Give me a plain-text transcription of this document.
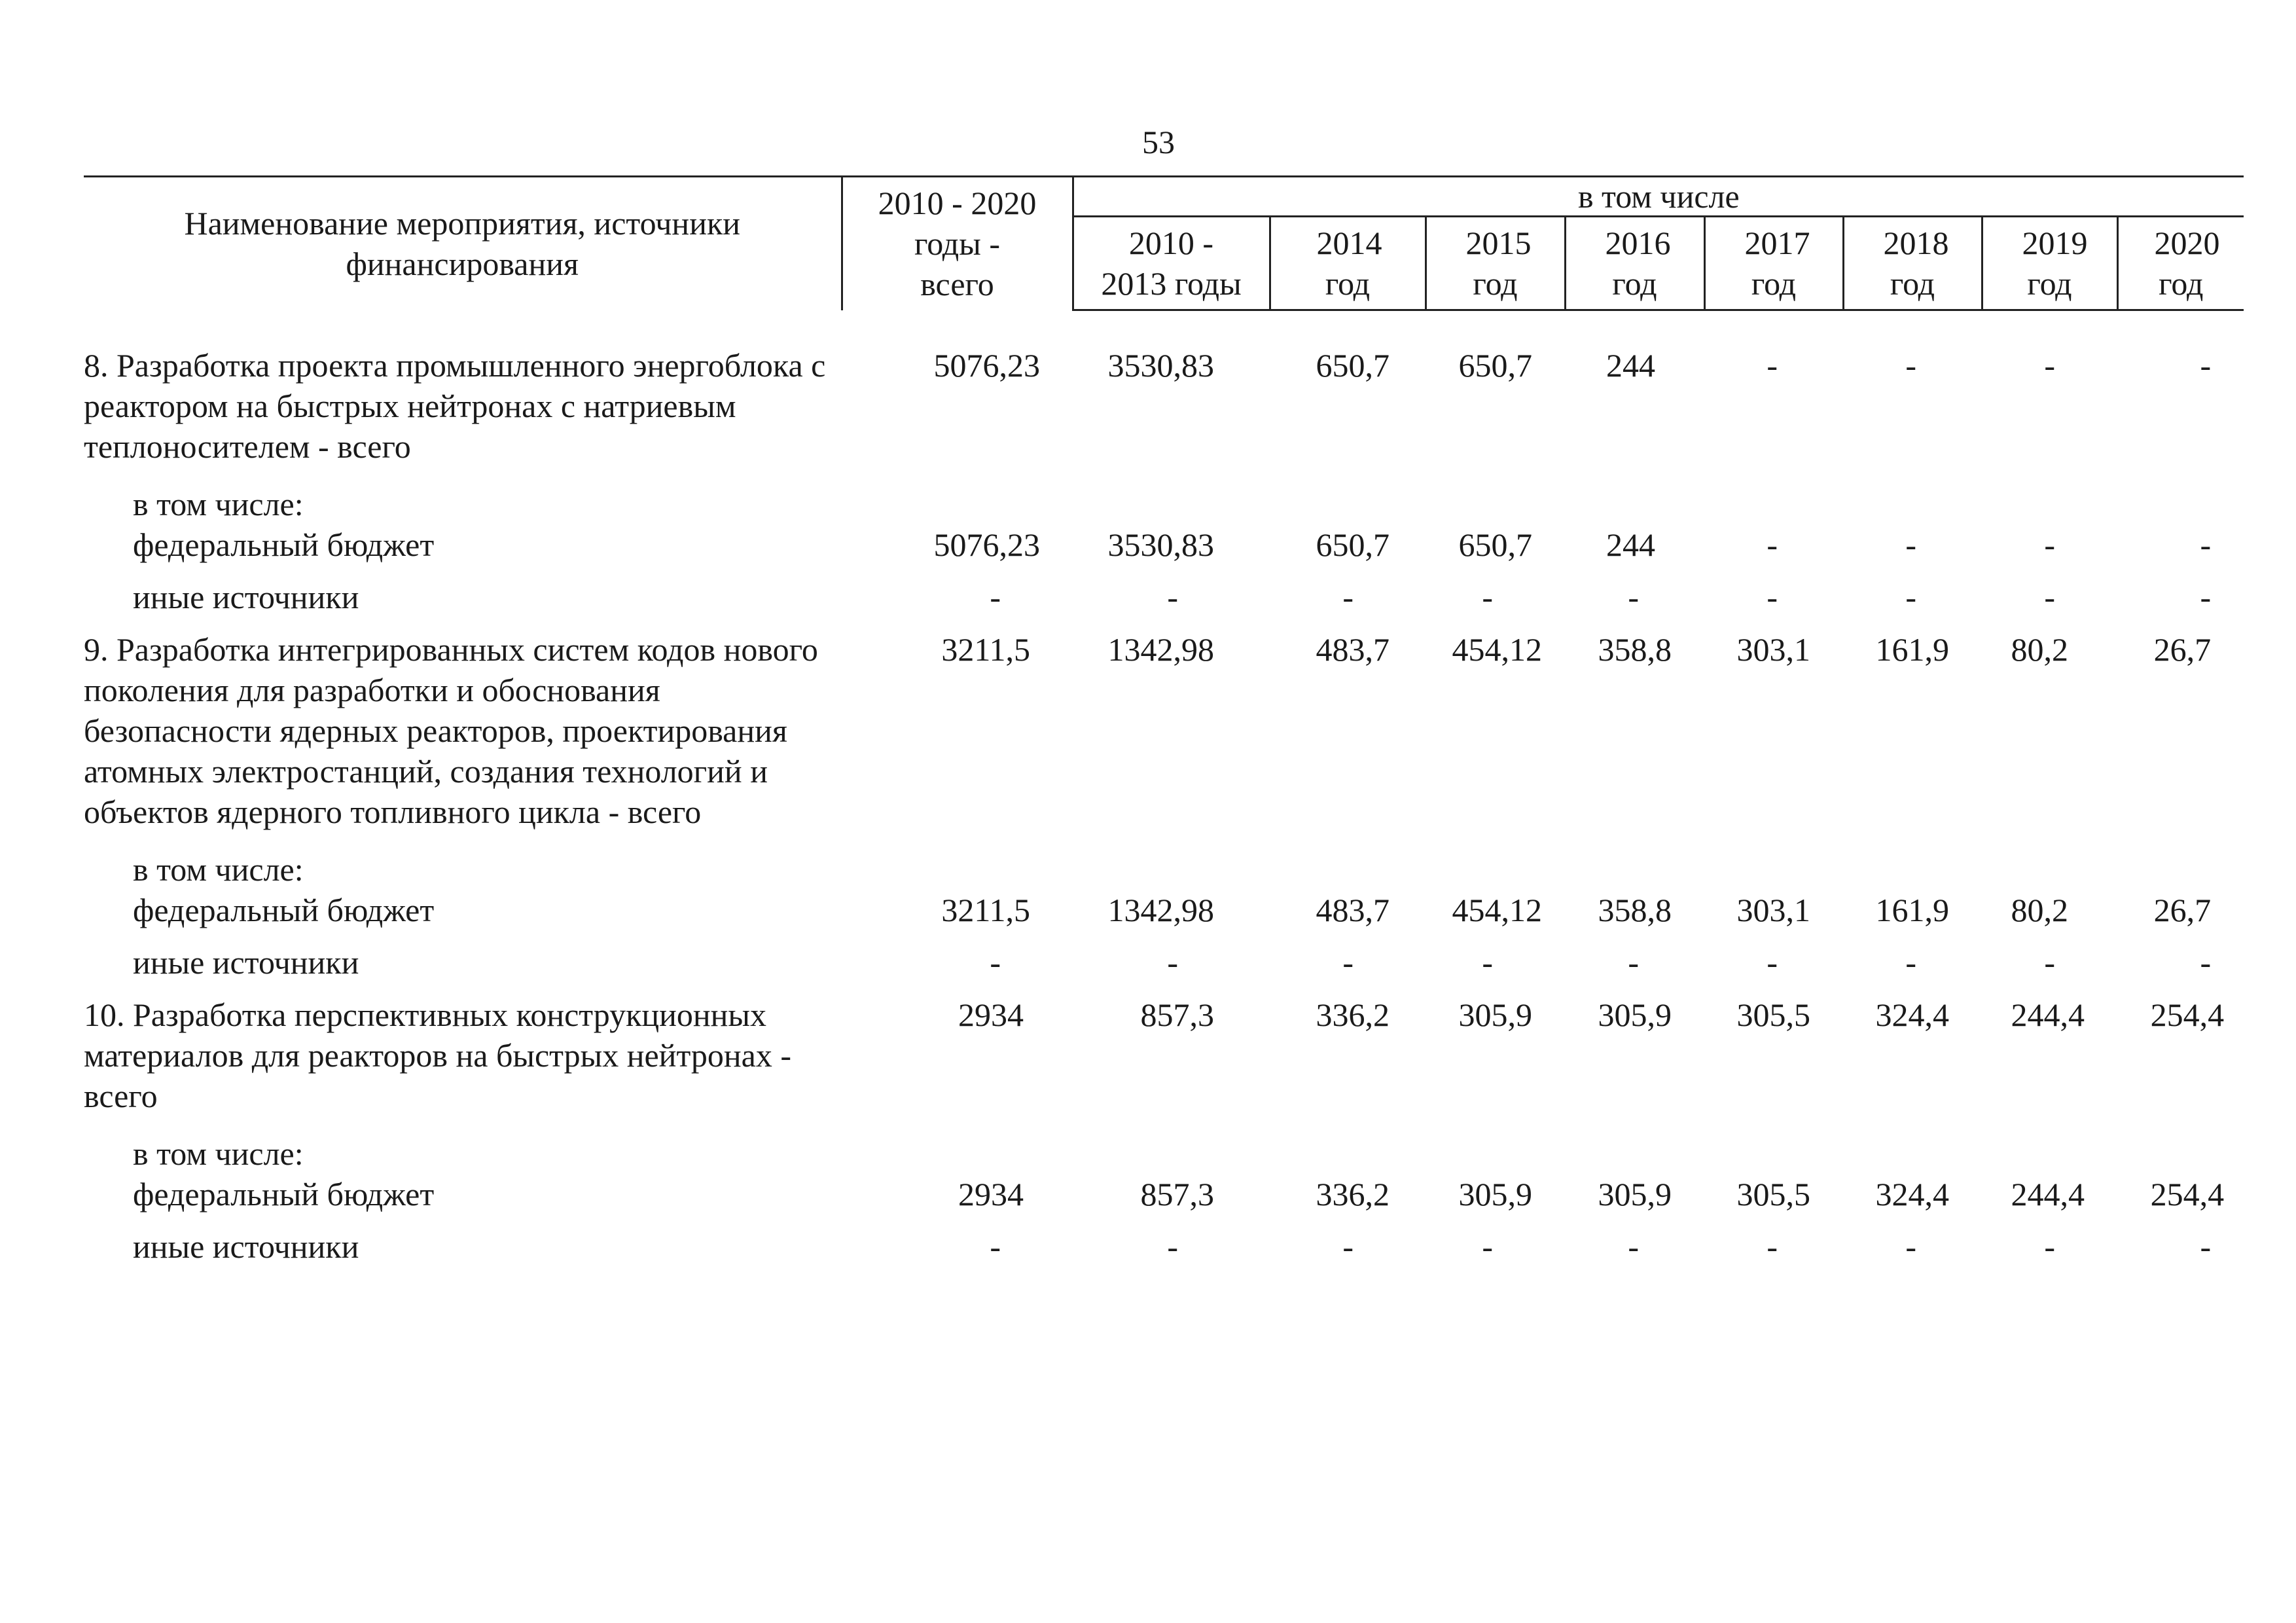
53
Наименование мероприятия, источники финансирования	2010 - 2020 годы - всего	в том числе							
		2010 - 2013 годы	2014 год	2015 год	2016 год	2017 год	2018 год	2019 год	2020 год

8. Разработка проекта промышленного энергоблока с реактором на быстрых нейтронах с натриевым теплоносителем - всего	5076,23	3530,83	650,7	650,7	244	-	-	-	-
в том числе:									
федеральный бюджет	5076,23	3530,83	650,7	650,7	244	-	-	-	-
иные источники	-	-	-	-	-	-	-	-	-
9. Разработка интегрированных систем кодов нового поколения для разработки и обоснования безопасности ядерных реакторов, проектирования атомных электростанций, создания технологий и объектов ядерного топливного цикла - всего	3211,5	1342,98	483,7	454,12	358,8	303,1	161,9	80,2	26,7
в том числе:									
федеральный бюджет	3211,5	1342,98	483,7	454,12	358,8	303,1	161,9	80,2	26,7
иные источники	-	-	-	-	-	-	-	-	-
10. Разработка перспективных конструкционных материалов для реакторов на быстрых нейтронах - всего	2934	857,3	336,2	305,9	305,9	305,5	324,4	244,4	254,4
в том числе:									
федеральный бюджет	2934	857,3	336,2	305,9	305,9	305,5	324,4	244,4	254,4
иные источники	-	-	-	-	-	-	-	-	-
